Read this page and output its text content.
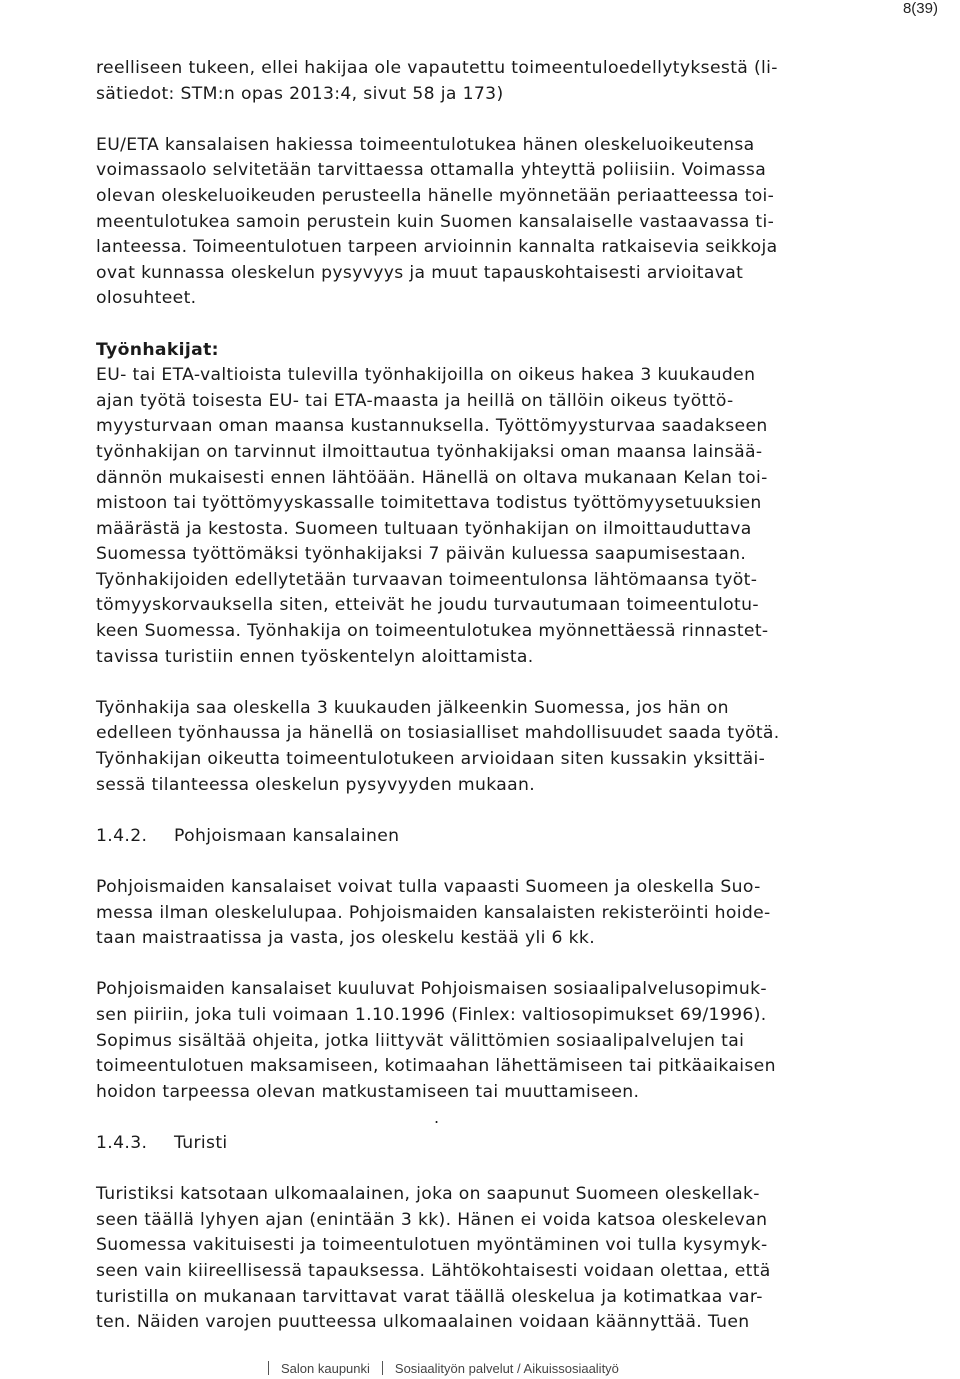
8(39)
reelliseen tukeen, ellei hakijaa ole vapautettu toimeentuloedellytyksestä (li-
sätiedot: STM:n opas 2013:4, sivut 58 ja 173)
EU/ETA kansalaisen hakiessa toimeentulotukea hänen oleskeluoikeutensa
voimassaolo selvitetään tarvittaessa ottamalla yhteyttä poliisiin. Voimassa
olevan oleskeluoikeuden perusteella hänelle myönnetään periaatteessa toi-
meentulotukea samoin perustein kuin Suomen kansalaiselle vastaavassa ti-
lanteessa. Toimeentulotuen tarpeen arvioinnin kannalta ratkaisevia seikkoja
ovat kunnassa oleskelun pysyvyys ja muut tapauskohtaisesti arvioitavat
olosuhteet.
Työnhakijat:
EU- tai ETA-valtioista tulevilla työnhakijoilla on oikeus hakea 3 kuukauden
ajan työtä toisesta EU- tai ETA-maasta ja heillä on tällöin oikeus työttö-
myysturvaan oman maansa kustannuksella. Työttömyysturvaa saadakseen
työnhakijan on tarvinnut ilmoittautua työnhakijaksi oman maansa lainsää-
dännön mukaisesti ennen lähtöään. Hänellä on oltava mukanaan Kelan toi-
mistoon tai työttömyyskassalle toimitettava todistus työttömyysetuuksien
määrästä ja kestosta. Suomeen tultuaan työnhakijan on ilmoittauduttava
Suomessa työttömäksi työnhakijaksi 7 päivän kuluessa saapumisestaan.
Työnhakijoiden edellytetään turvaavan toimeentulonsa lähtömaansa työt-
tömyyskorvauksella siten, etteivät he joudu turvautumaan toimeentulotu-
keen Suomessa. Työnhakija on toimeentulotukea myönnettäessä rinnastet-
tavissa turistiin ennen työskentelyn aloittamista.
Työnhakija saa oleskella 3 kuukauden jälkeenkin Suomessa, jos hän on
edelleen työnhaussa ja hänellä on tosiasialliset mahdollisuudet saada työtä.
Työnhakijan oikeutta toimeentulotukeen arvioidaan siten kussakin yksittäi-
sessä tilanteessa oleskelun pysyvyyden mukaan.
1.4.2. Pohjoismaan kansalainen
Pohjoismaiden kansalaiset voivat tulla vapaasti Suomeen ja oleskella Suo-
messa ilman oleskelulupaa. Pohjoismaiden kansalaisten rekisteröinti hoide-
taan maistraatissa ja vasta, jos oleskelu kestää yli 6 kk.
Pohjoismaiden kansalaiset kuuluvat Pohjoismaisen sosiaalipalvelusopimuk-
sen piiriin, joka tuli voimaan 1.10.1996 (Finlex: valtiosopimukset 69/1996).
Sopimus sisältää ohjeita, jotka liittyvät välittömien sosiaalipalvelujen tai
toimeentulotuen maksamiseen, kotimaahan lähettämiseen tai pitkäaikaisen
hoidon tarpeessa olevan matkustamiseen tai muuttamiseen.
.
1.4.3. Turisti
Turistiksi katsotaan ulkomaalainen, joka on saapunut Suomeen oleskellak-
seen täällä lyhyen ajan (enintään 3 kk). Hänen ei voida katsoa oleskelevan
Suomessa vakituisesti ja toimeentulotuen myöntäminen voi tulla kysymyk-
seen vain kiireellisessä tapauksessa. Lähtökohtaisesti voidaan olettaa, että
turistilla on mukanaan tarvittavat varat täällä oleskelua ja kotimatkaa var-
ten. Näiden varojen puutteessa ulkomaalainen voidaan käännyttää. Tuen
Salon kaupunki Sosiaalityön palvelut / Aikuissosiaalityö
